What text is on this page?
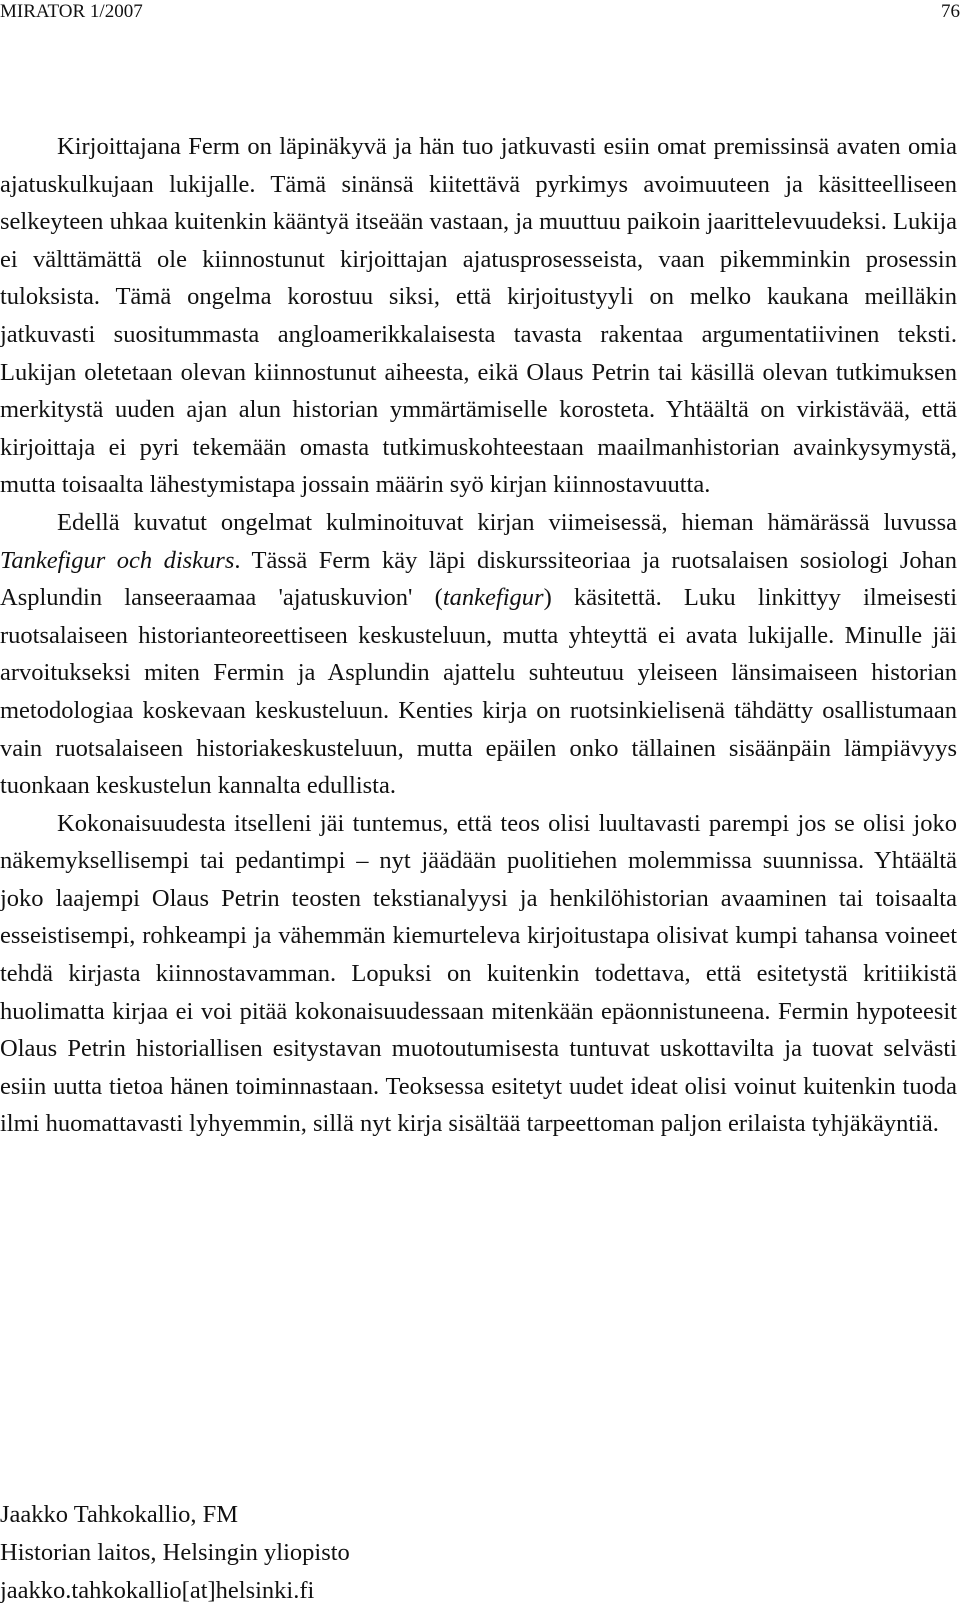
MIRATOR 1/2007	76

Kirjoittajana Ferm on läpinäkyvä ja hän tuo jatkuvasti esiin omat premissinsä avaten omia ajatuskulkujaan lukijalle. Tämä sinänsä kiitettävä pyrkimys avoimuuteen ja käsitteelliseen selkeyteen uhkaa kuitenkin kääntyä itseään vastaan, ja muuttuu paikoin jaarittelevuudeksi. Lukija ei välttämättä ole kiinnostunut kirjoittajan ajatusprosesseista, vaan pikemminkin prosessin tuloksista. Tämä ongelma korostuu siksi, että kirjoitustyyli on melko kaukana meilläkin jatkuvasti suositummasta angloamerikkalaisesta tavasta rakentaa argumentatiivinen teksti. Lukijan oletetaan olevan kiinnostunut aiheesta, eikä Olaus Petrin tai käsillä olevan tutkimuksen merkitystä uuden ajan alun historian ymmärtämiselle korosteta. Yhtäältä on virkistävää, että kirjoittaja ei pyri tekemään omasta tutkimuskohteestaan maailmanhistorian avainkysymystä, mutta toisaalta lähestymistapa jossain määrin syö kirjan kiinnostavuutta.

Edellä kuvatut ongelmat kulminoituvat kirjan viimeisessä, hieman hämärässä luvussa Tankefigur och diskurs. Tässä Ferm käy läpi diskurssiteoriaa ja ruotsalaisen sosiologi Johan Asplundin lanseeraamaa 'ajatuskuvion' (tankefigur) käsitettä. Luku linkittyy ilmeisesti ruotsalaiseen historianteoreettiseen keskusteluun, mutta yhteyttä ei avata lukijalle. Minulle jäi arvoitukseksi miten Fermin ja Asplundin ajattelu suhteutuu yleiseen länsimaiseen historian metodologiaa koskevaan keskusteluun. Kenties kirja on ruotsinkielisenä tähdätty osallistumaan vain ruotsalaiseen historiakeskusteluun, mutta epäilen onko tällainen sisäänpäin lämpiävyys tuonkaan keskustelun kannalta edullista.

Kokonaisuudesta itselleni jäi tuntemus, että teos olisi luultavasti parempi jos se olisi joko näkemyksellisempi tai pedantimpi – nyt jäädään puolitiehen molemmissa suunnissa. Yhtäältä joko laajempi Olaus Petrin teosten tekstianalyysi ja henkilöhistorian avaaminen tai toisaalta esseistisempi, rohkeampi ja vähemmän kiemurteleva kirjoitustapa olisivat kumpi tahansa voineet tehdä kirjasta kiinnostavamman. Lopuksi on kuitenkin todettava, että esitetystä kritiikistä huolimatta kirjaa ei voi pitää kokonaisuudessaan mitenkään epäonnistuneena. Fermin hypoteesit Olaus Petrin historiallisen esitystavan muotoutumisesta tuntuvat uskottavilta ja tuovat selvästi esiin uutta tietoa hänen toiminnastaan. Teoksessa esitetyt uudet ideat olisi voinut kuitenkin tuoda ilmi huomattavasti lyhyemmin, sillä nyt kirja sisältää tarpeettoman paljon erilaista tyhjäkäyntiä.

Jaakko Tahkokallio, FM
Historian laitos, Helsingin yliopisto
jaakko.tahkokallio[at]helsinki.fi
